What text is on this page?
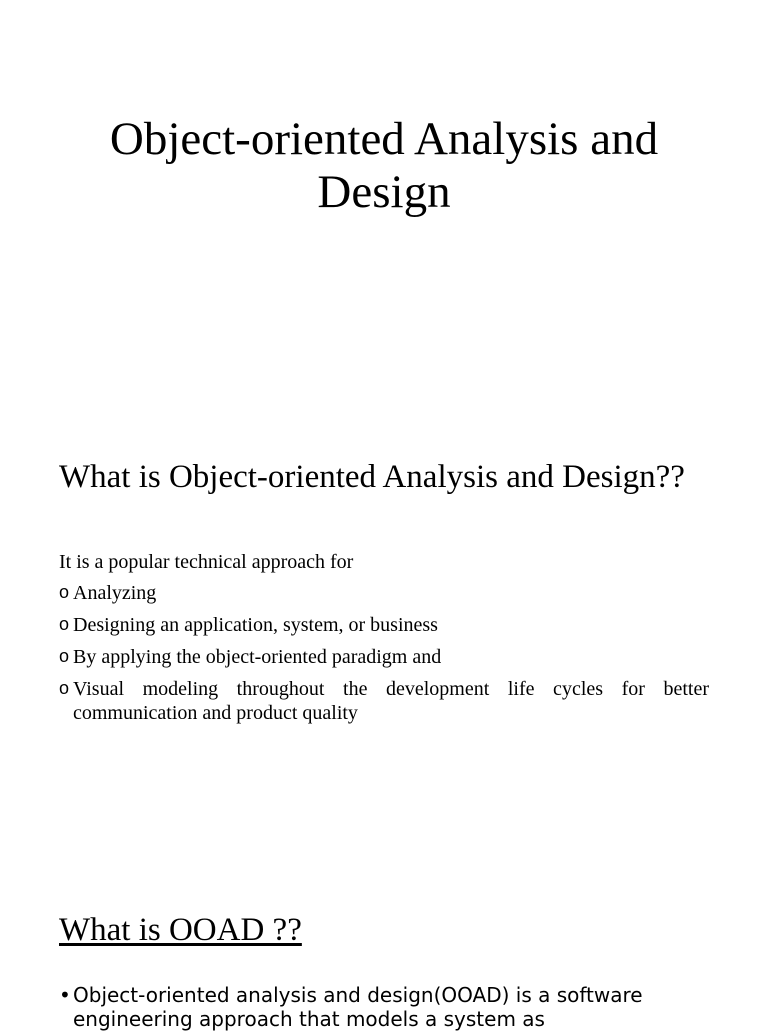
Object-oriented Analysis and Design
What is Object-oriented Analysis and Design??

It is a popular technical approach for

o Analyzing
o Designing an application, system, or business
o By applying the object-oriented paradigm and
o Visual modeling throughout the development life cycles for better communication and product quality
What is OOAD ??
• Object-oriented analysis and design(OOAD) is a software engineering approach that models a system as
